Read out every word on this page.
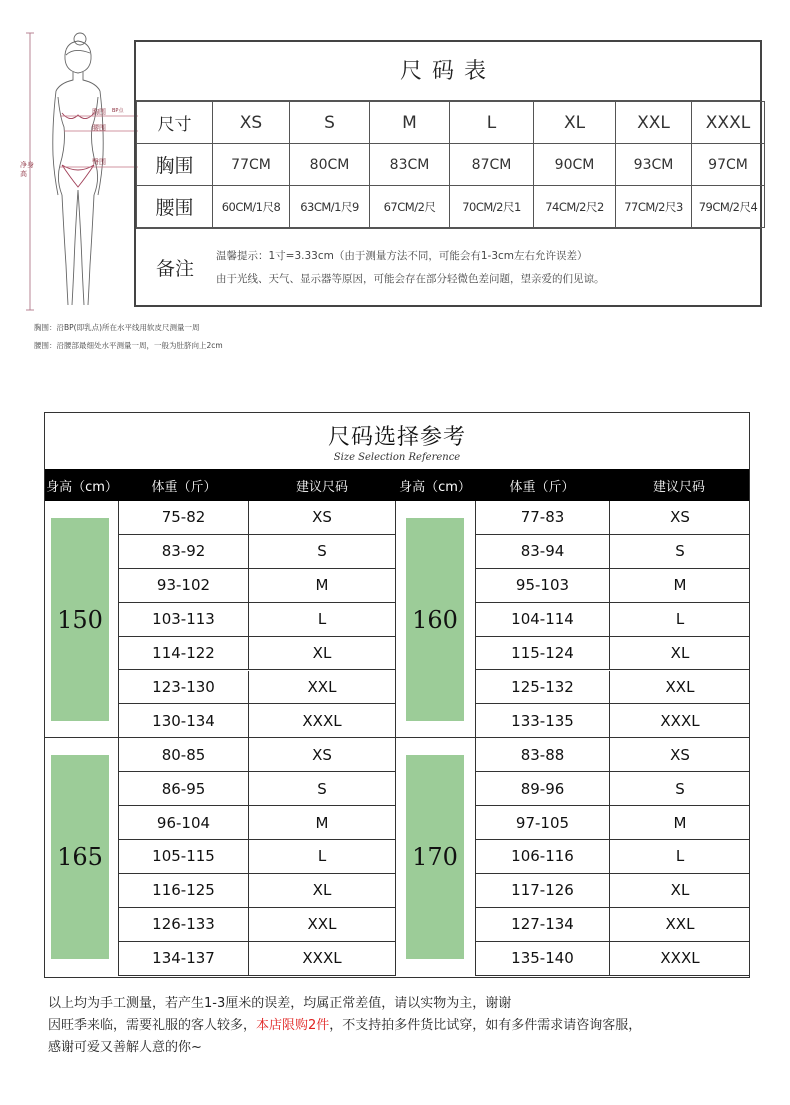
胸围 BP点
腰围
臀围
净身高
胸围：沿BP(即乳点)所在水平线用软皮尺测量一周
腰围：沿腰部最细处水平测量一周，一般为肚脐向上2cm
尺码表
尺寸	XS	S	M	L	XL	XXL	XXXL
胸围	77CM	80CM	83CM	87CM	90CM	93CM	97CM
腰围	60CM/1尺8	63CM/1尺9	67CM/2尺	70CM/2尺1	74CM/2尺2	77CM/2尺3	79CM/2尺4
备注
温馨提示：1寸=3.33cm（由于测量方法不同，可能会有1-3cm左右允许误差）
由于光线、天气、显示器等原因，可能会存在部分轻微色差问题，望亲爱的们见谅。
尺码选择参考
Size Selection Reference
身高（cm）	体重（斤）	建议尺码	身高（cm）	体重（斤）	建议尺码
150
75-82	XS
83-92	S
93-102	M
103-113	L
114-122	XL
123-130	XXL
130-134	XXXL
160
77-83	XS
83-94	S
95-103	M
104-114	L
115-124	XL
125-132	XXL
133-135	XXXL
165
80-85	XS
86-95	S
96-104	M
105-115	L
116-125	XL
126-133	XXL
134-137	XXXL
170
83-88	XS
89-96	S
97-105	M
106-116	L
117-126	XL
127-134	XXL
135-140	XXXL
以上均为手工测量，若产生1-3厘米的误差，均属正常差值，请以实物为主，谢谢
因旺季来临，需要礼服的客人较多，本店限购2件，不支持拍多件货比试穿，如有多件需求请咨询客服，
感谢可爱又善解人意的你~
